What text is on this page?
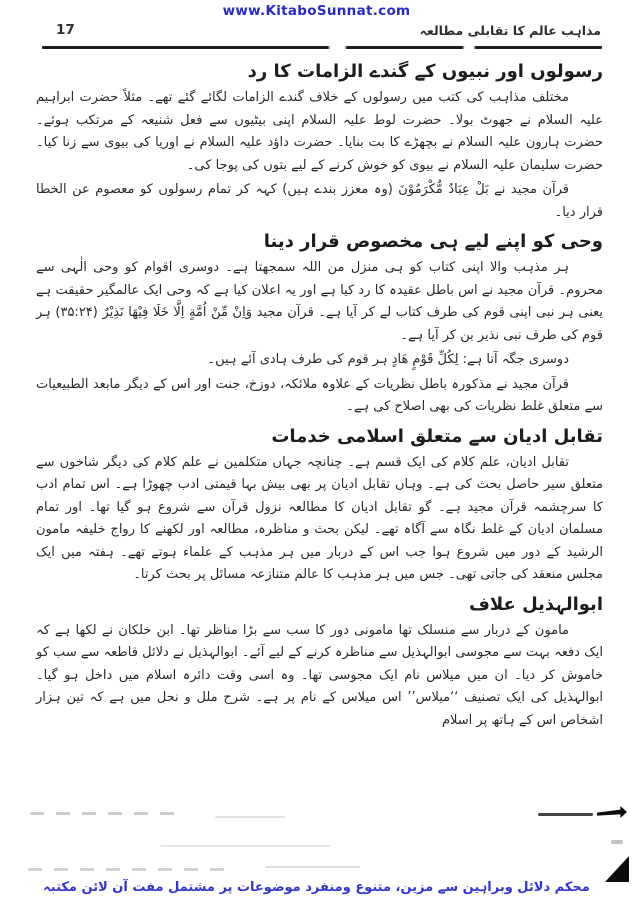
www.KitaboSunnat.com
17	مذاہب عالم کا تقابلی مطالعہ
رسولوں اور نبیوں کے گندے الزامات کا رد

مختلف مذاہب کی کتب میں رسولوں کے خلاف گندے الزامات لگائے گئے تھے۔ مثلاً حضرت ابراہیم علیہ السلام نے جھوٹ بولا۔ حضرت لوط علیہ السلام اپنی بیٹیوں سے فعل شنیعہ کے مرتکب ہوئے۔ حضرت ہارون علیہ السلام نے بچھڑے کا بت بنایا۔ حضرت داؤد علیہ السلام نے اوریا کی بیوی سے زنا کیا۔ حضرت سلیمان علیہ السلام نے بیوی کو خوش کرنے کے لیے بتوں کی پوجا کی۔

قرآن مجید نے بَلْ عِبَادٌ مُّكْرَمُوْنَ (وہ معزز بندے ہیں) کہہ کر تمام رسولوں کو معصوم عن الخطا قرار دیا۔

وحی کو اپنے لیے ہی مخصوص قرار دینا

ہر مذہب والا اپنی کتاب کو ہی منزل من اللہ سمجھتا ہے۔ دوسری اقوام کو وحی الٰہی سے محروم۔ قرآن مجید نے اس باطل عقیدہ کا رد کیا ہے اور یہ اعلان کیا ہے کہ وحی ایک عالمگیر حقیقت ہے یعنی ہر نبی اپنی قوم کی طرف کتاب لے کر آیا ہے۔ قرآن مجید وَاِنْ مِّنْ اُمَّةٍ اِلَّا خَلَا فِيْهَا نَذِيْرٌ (۳۵:۲۴) ہر قوم کی طرف نبی نذیر بن کر آیا ہے۔

دوسری جگہ آتا ہے: لِكُلِّ قَوْمٍ هَادٍ ہر قوم کی طرف ہادی آئے ہیں۔

قرآن مجید نے مذکورہ باطل نظریات کے علاوہ ملائکہ، دوزخ، جنت اور اس کے دیگر مابعد الطبیعیات سے متعلق غلط نظریات کی بھی اصلاح کی ہے۔

تقابل ادیان سے متعلق اسلامی خدمات

تقابل ادیان، علم کلام کی ایک قسم ہے۔ چنانچہ جہاں متکلمین نے علم کلام کی دیگر شاخوں سے متعلق سیر حاصل بحث کی ہے۔ وہاں تقابل ادیان پر بھی بیش بہا قیمتی ادب چھوڑا ہے۔ اس تمام ادب کا سرچشمہ قرآن مجید ہے۔ گو تقابل ادیان کا مطالعہ نزول قرآن سے شروع ہو گیا تھا۔ اور تمام مسلمان ادیان کے غلط نگاہ سے آگاہ تھے۔ لیکن بحث و مناظرہ، مطالعہ اور لکھنے کا رواج خلیفہ مامون الرشید کے دور میں شروع ہوا جب اس کے دربار میں ہر مذہب کے علماء ہوتے تھے۔ ہفتہ میں ایک مجلس منعقد کی جاتی تھی۔ جس میں ہر مذہب کا عالم متنازعہ مسائل پر بحث کرتا۔

ابوالہذیل علاف

مامون کے دربار سے منسلک تھا مامونی دور کا سب سے بڑا مناظر تھا۔ ابن خلکان نے لکھا ہے کہ ایک دفعہ بہت سے مجوسی ابوالہذیل سے مناظرہ کرنے کے لیے آئے۔ ابوالہذیل نے دلائل قاطعہ سے سب کو خاموش کر دیا۔ ان میں میلاس نام ایک مجوسی تھا۔ وہ اسی وقت دائرہ اسلام میں داخل ہو گیا۔ ابوالہذیل کی ایک تصنیف ‘‘میلاس’’ اس میلاس کے نام پر ہے۔ شرح ملل و نحل میں ہے کہ تین ہزار اشخاص اس کے ہاتھ پر اسلام

محکم دلائل وبراہین سے مزین، متنوع ومنفرد موضوعات پر مشتمل مفت آن لائن مکتبہ
